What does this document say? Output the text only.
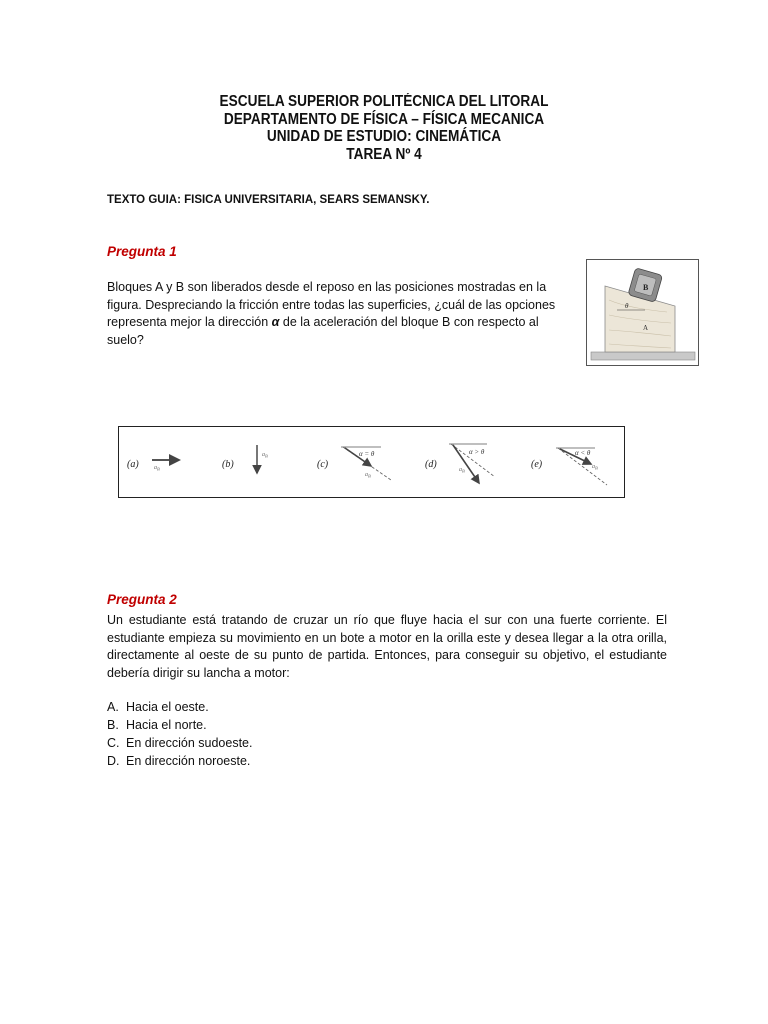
ESCUELA SUPERIOR POLITÉCNICA DEL LITORAL
DEPARTAMENTO DE FÍSICA – FÍSICA MECANICA
UNIDAD DE ESTUDIO: CINEMÁTICA
TAREA Nº 4
TEXTO GUIA: FISICA UNIVERSITARIA, SEARS SEMANSKY.
Pregunta 1
Bloques A y B son liberados desde el reposo en las posiciones mostradas en la figura. Despreciando la fricción entre todas las superficies, ¿cuál de las opciones representa mejor la dirección α de la aceleración del bloque B con respecto al suelo?
B
A
θ
(a)	$a_B$	(b)
$a_B$
(c)
α = θ
$a_B$
(d)
α > θ
$a_B$
(e)
α < θ
$a_B$
Pregunta 2
Un estudiante está tratando de cruzar un río que fluye hacia el sur con una fuerte corriente. El estudiante empieza su movimiento en un bote a motor en la orilla este y desea llegar a la otra orilla, directamente al oeste de su punto de partida. Entonces, para conseguir su objetivo, el estudiante debería dirigir su lancha a motor:
A. Hacia el oeste.
B. Hacia el norte.
C. En dirección sudoeste.
D. En dirección noroeste.
